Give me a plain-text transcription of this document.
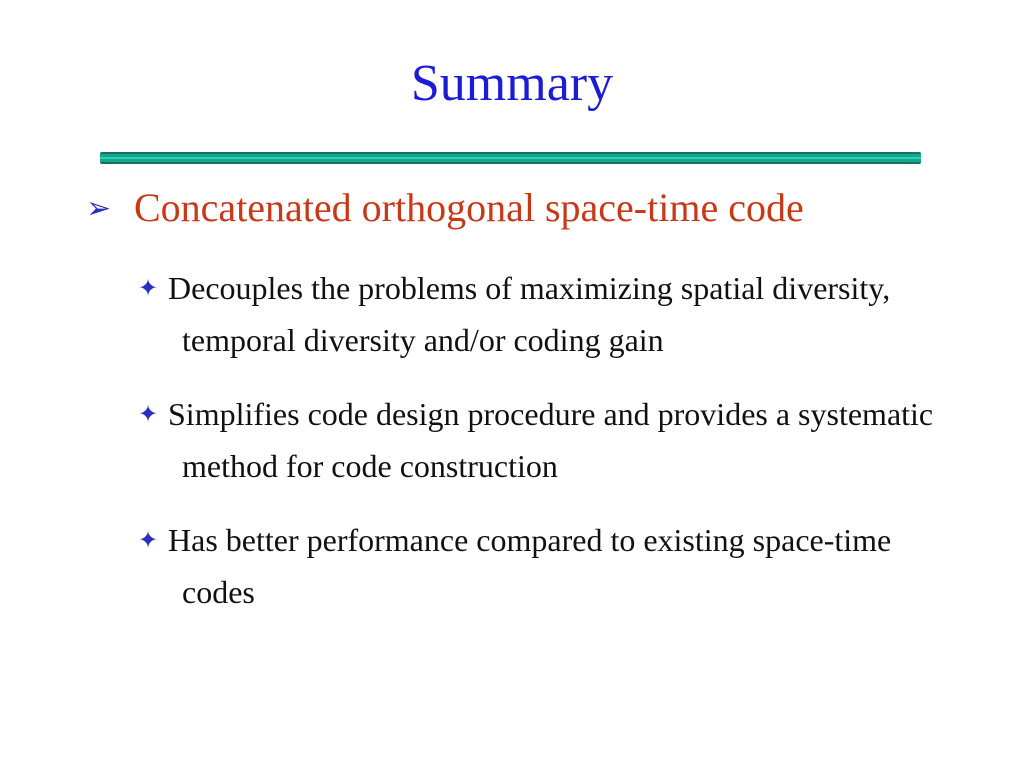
Summary
➢ Concatenated orthogonal space-time code
✦ Decouples the problems of maximizing spatial diversity, temporal diversity and/or coding gain
✦ Simplifies code design procedure and provides a systematic method for code construction
✦ Has better performance compared to existing space-time codes
